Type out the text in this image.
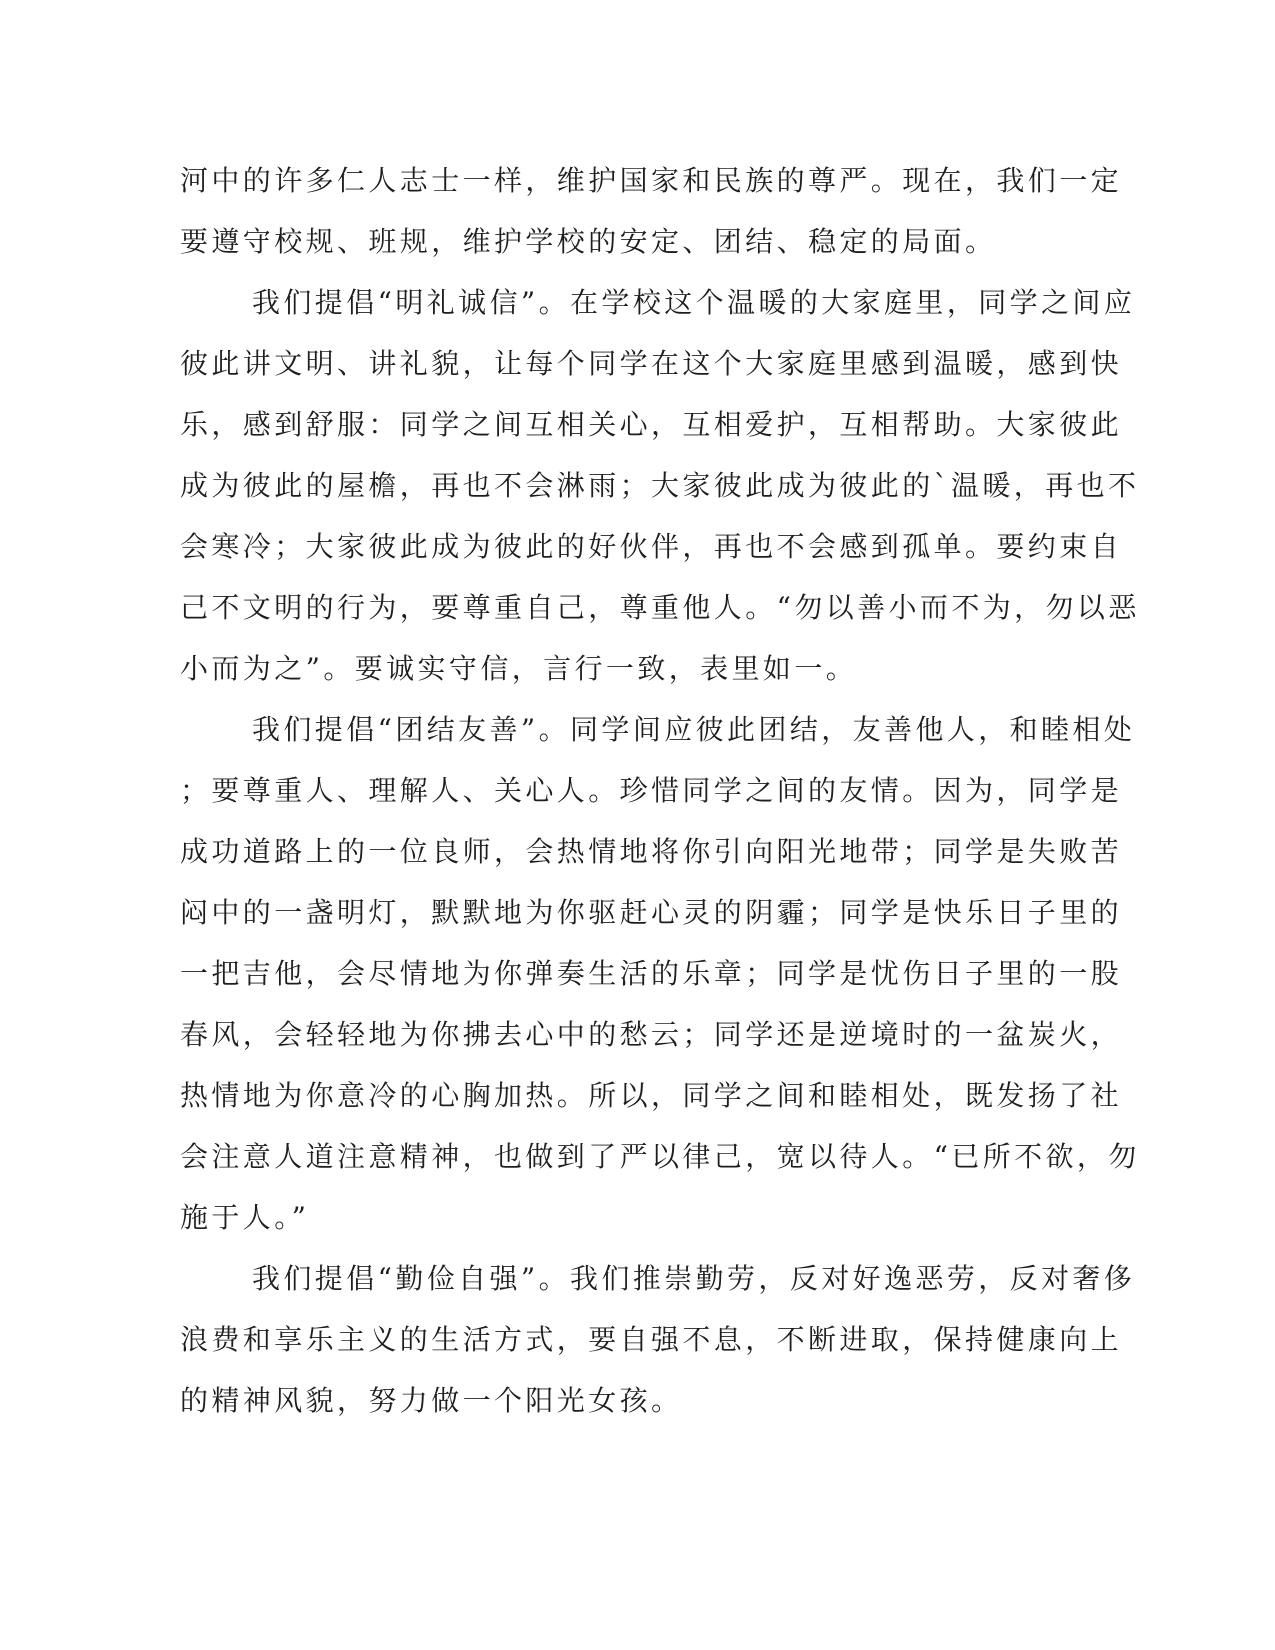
河中的许多仁人志士一样，维护国家和民族的尊严。现在，我们一定
要遵守校规、班规，维护学校的安定、团结、稳定的局面。
我们提倡“明礼诚信”。在学校这个温暖的大家庭里，同学之间应
彼此讲文明、讲礼貌，让每个同学在这个大家庭里感到温暖，感到快
乐，感到舒服：同学之间互相关心，互相爱护，互相帮助。大家彼此
成为彼此的屋檐，再也不会淋雨；大家彼此成为彼此的`温暖，再也不
会寒冷；大家彼此成为彼此的好伙伴，再也不会感到孤单。要约束自
己不文明的行为，要尊重自己，尊重他人。“勿以善小而不为，勿以恶
小而为之”。要诚实守信，言行一致，表里如一。
我们提倡“团结友善”。同学间应彼此团结，友善他人，和睦相处
；要尊重人、理解人、关心人。珍惜同学之间的友情。因为，同学是
成功道路上的一位良师，会热情地将你引向阳光地带；同学是失败苦
闷中的一盏明灯，默默地为你驱赶心灵的阴霾；同学是快乐日子里的
一把吉他，会尽情地为你弹奏生活的乐章；同学是忧伤日子里的一股
春风，会轻轻地为你拂去心中的愁云；同学还是逆境时的一盆炭火，
热情地为你意冷的心胸加热。所以，同学之间和睦相处，既发扬了社
会注意人道注意精神，也做到了严以律己，宽以待人。“已所不欲，勿
施于人。”
我们提倡“勤俭自强”。我们推崇勤劳，反对好逸恶劳，反对奢侈
浪费和享乐主义的生活方式，要自强不息，不断进取，保持健康向上
的精神风貌，努力做一个阳光女孩。
